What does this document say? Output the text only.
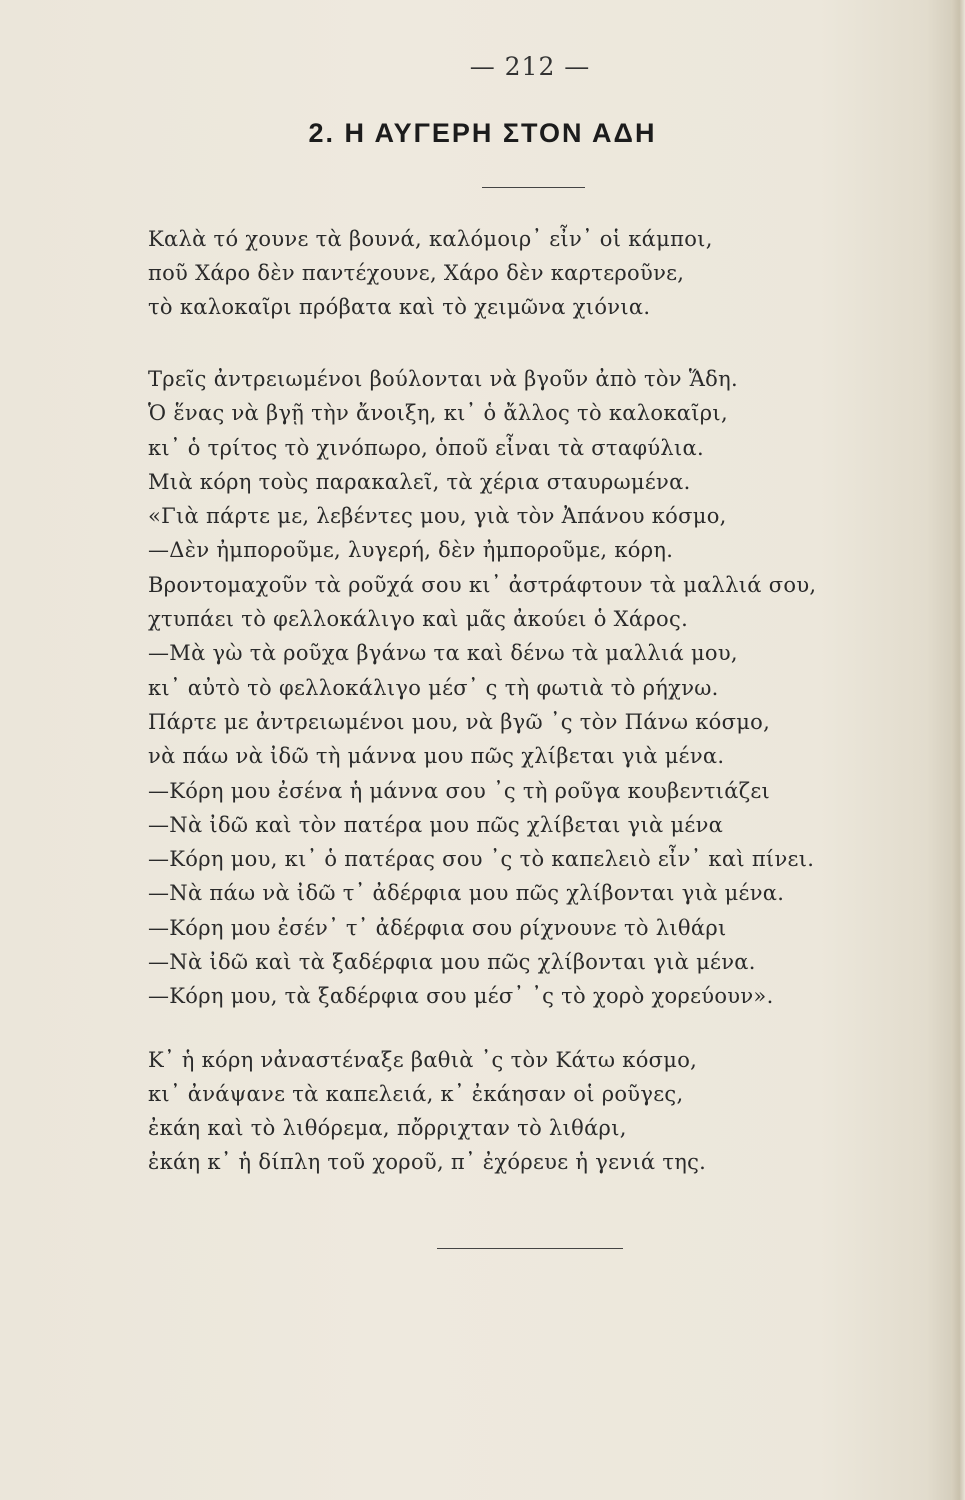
— 212 —
2. Η ΑΥΓΕΡΗ ΣΤΟΝ ΑΔΗ
Καλὰ τό χουνε τὰ βουνά, καλόμοιρ᾽ εἶν᾽ οἱ κάμποι,
ποῦ Χάρο δὲν παντέχουνε, Χάρο δὲν καρτεροῦνε,
τὸ καλοκαῖρι πρόβατα καὶ τὸ χειμῶνα χιόνια.
Τρεῖς ἀντρειωμένοι βούλονται νὰ βγοῦν ἀπὸ τὸν Ἅδη.
Ὁ ἕνας νὰ βγῇ τὴν ἄνοιξη, κι᾽ ὁ ἄλλος τὸ καλοκαῖρι,
κι᾽ ὁ τρίτος τὸ χινόπωρο, ὁποῦ εἶναι τὰ σταφύλια.
Μιὰ κόρη τοὺς παρακαλεῖ, τὰ χέρια σταυρωμένα.
«Γιὰ πάρτε με, λεβέντες μου, γιὰ τὸν Ἀπάνου κόσμο,
—Δὲν ἠμποροῦμε, λυγερή, δὲν ἠμποροῦμε, κόρη.
Βροντομαχοῦν τὰ ροῦχά σου κι᾽ ἀστράφτουν τὰ μαλλιά σου,
χτυπάει τὸ φελλοκάλιγο καὶ μᾶς ἀκούει ὁ Χάρος.
—Μὰ γὼ τὰ ροῦχα βγάνω τα καὶ δένω τὰ μαλλιά μου,
κι᾽ αὐτὸ τὸ φελλοκάλιγο μέσ᾽ ς τὴ φωτιὰ τὸ ρήχνω.
Πάρτε με ἀντρειωμένοι μου, νὰ βγῶ ᾽ς τὸν Πάνω κόσμο,
νὰ πάω νὰ ἰδῶ τὴ μάννα μου πῶς χλίβεται γιὰ μένα.
—Κόρη μου ἐσένα ἡ μάννα σου ᾽ς τὴ ροῦγα κουβεντιάζει
—Νὰ ἰδῶ καὶ τὸν πατέρα μου πῶς χλίβεται γιὰ μένα
—Κόρη μου, κι᾽ ὁ πατέρας σου ᾽ς τὸ καπελειὸ εἶν᾽ καὶ πίνει.
—Νὰ πάω νὰ ἰδῶ τ᾽ ἀδέρφια μου πῶς χλίβονται γιὰ μένα.
—Κόρη μου ἐσέν᾽ τ᾽ ἀδέρφια σου ρίχνουνε τὸ λιθάρι
—Νὰ ἰδῶ καὶ τὰ ξαδέρφια μου πῶς χλίβονται γιὰ μένα.
—Κόρη μου, τὰ ξαδέρφια σου μέσ᾽ ᾽ς τὸ χορὸ χορεύουν».
Κ᾽ ἡ κόρη νἀναστέναξε βαθιὰ ᾽ς τὸν Κάτω κόσμο,
κι᾽ ἀνάψανε τὰ καπελειά, κ᾽ ἐκάησαν οἱ ροῦγες,
ἐκάη καὶ τὸ λιθόρεμα, πὄρριχταν τὸ λιθάρι,
ἐκάη κ᾽ ἡ δίπλη τοῦ χοροῦ, π᾽ ἐχόρευε ἡ γενιά της.
